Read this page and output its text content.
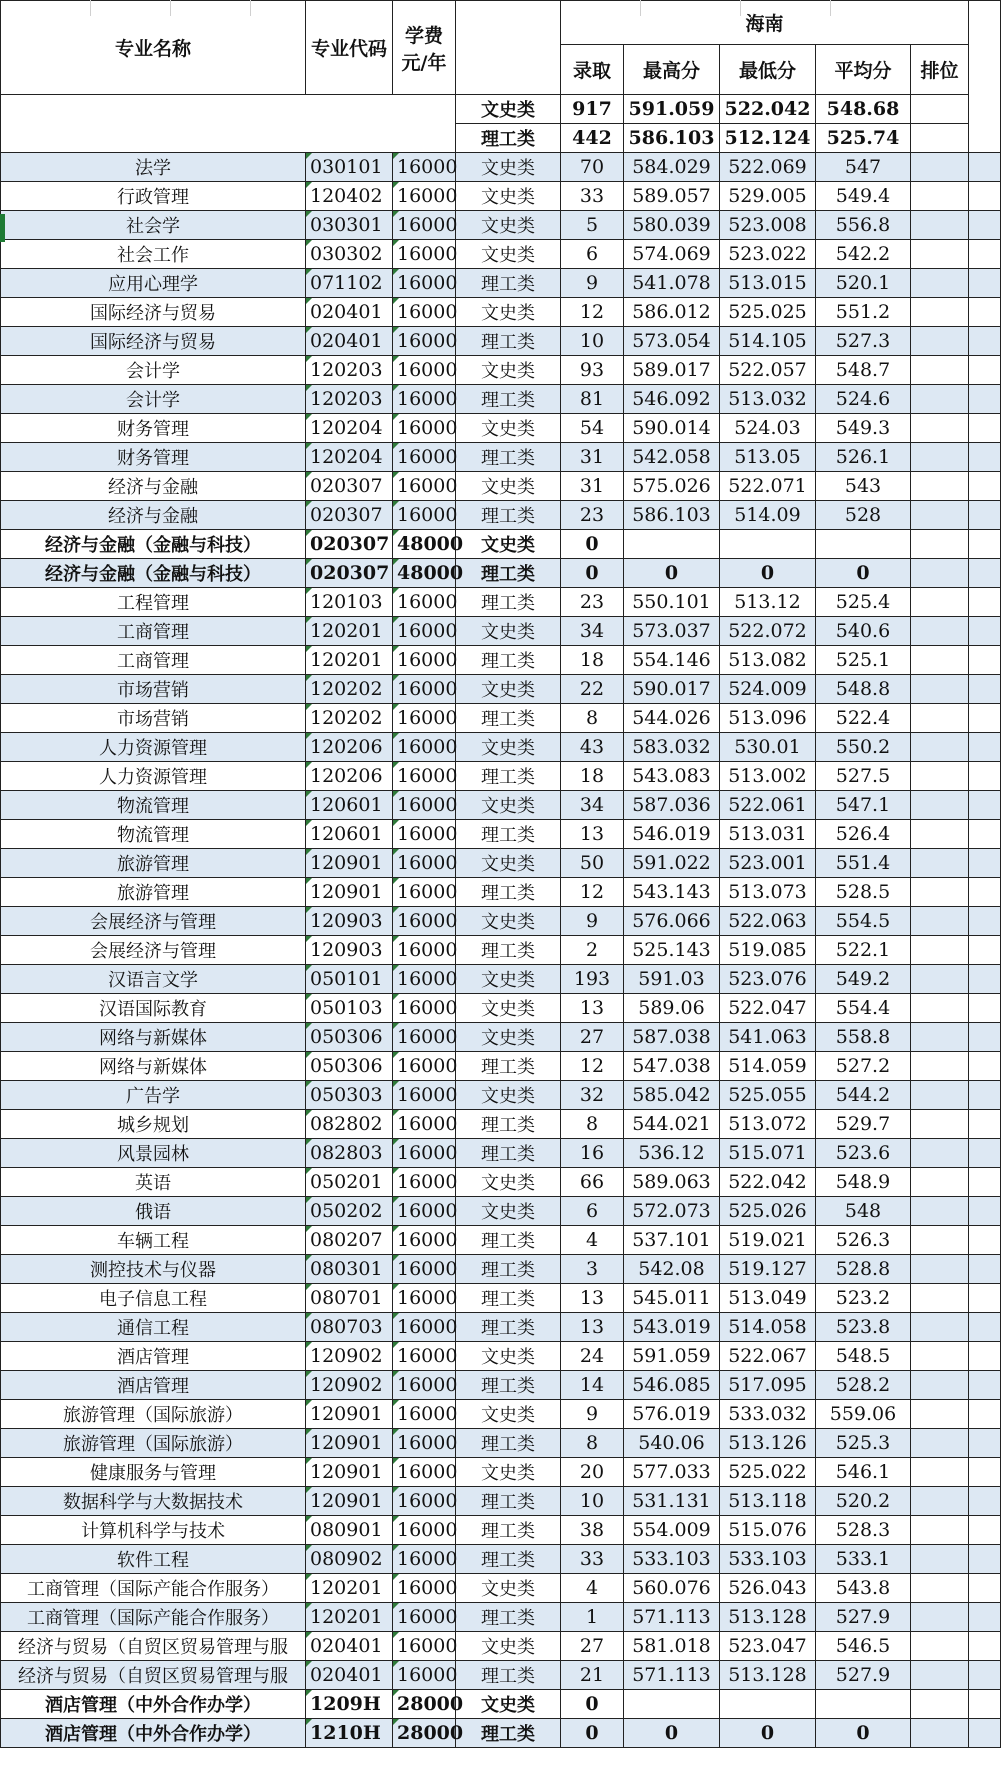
专业名称	专业代码	学费
元/年		海南					
				录取	最高分	最低分	平均分	排位	
			文史类	917	591.059	522.042	548.68		
			理工类	442	586.103	512.124	525.74		
法学	030101	16000	文史类	70	584.029	522.069	547		
行政管理	120402	16000	文史类	33	589.057	529.005	549.4		
社会学	030301	16000	文史类	5	580.039	523.008	556.8		
社会工作	030302	16000	文史类	6	574.069	523.022	542.2		
应用心理学	071102	16000	理工类	9	541.078	513.015	520.1		
国际经济与贸易	020401	16000	文史类	12	586.012	525.025	551.2		
国际经济与贸易	020401	16000	理工类	10	573.054	514.105	527.3		
会计学	120203	16000	文史类	93	589.017	522.057	548.7		
会计学	120203	16000	理工类	81	546.092	513.032	524.6		
财务管理	120204	16000	文史类	54	590.014	524.03	549.3		
财务管理	120204	16000	理工类	31	542.058	513.05	526.1		
经济与金融	020307	16000	文史类	31	575.026	522.071	543		
经济与金融	020307	16000	理工类	23	586.103	514.09	528		
经济与金融（金融与科技）	020307	48000	文史类	0					
经济与金融（金融与科技）	020307	48000	理工类	0	0	0	0		
工程管理	120103	16000	理工类	23	550.101	513.12	525.4		
工商管理	120201	16000	文史类	34	573.037	522.072	540.6		
工商管理	120201	16000	理工类	18	554.146	513.082	525.1		
市场营销	120202	16000	文史类	22	590.017	524.009	548.8		
市场营销	120202	16000	理工类	8	544.026	513.096	522.4		
人力资源管理	120206	16000	文史类	43	583.032	530.01	550.2		
人力资源管理	120206	16000	理工类	18	543.083	513.002	527.5		
物流管理	120601	16000	文史类	34	587.036	522.061	547.1		
物流管理	120601	16000	理工类	13	546.019	513.031	526.4		
旅游管理	120901	16000	文史类	50	591.022	523.001	551.4		
旅游管理	120901	16000	理工类	12	543.143	513.073	528.5		
会展经济与管理	120903	16000	文史类	9	576.066	522.063	554.5		
会展经济与管理	120903	16000	理工类	2	525.143	519.085	522.1		
汉语言文学	050101	16000	文史类	193	591.03	523.076	549.2		
汉语国际教育	050103	16000	文史类	13	589.06	522.047	554.4		
网络与新媒体	050306	16000	文史类	27	587.038	541.063	558.8		
网络与新媒体	050306	16000	理工类	12	547.038	514.059	527.2		
广告学	050303	16000	文史类	32	585.042	525.055	544.2		
城乡规划	082802	16000	理工类	8	544.021	513.072	529.7		
风景园林	082803	16000	理工类	16	536.12	515.071	523.6		
英语	050201	16000	文史类	66	589.063	522.042	548.9		
俄语	050202	16000	文史类	6	572.073	525.026	548		
车辆工程	080207	16000	理工类	4	537.101	519.021	526.3		
测控技术与仪器	080301	16000	理工类	3	542.08	519.127	528.8		
电子信息工程	080701	16000	理工类	13	545.011	513.049	523.2		
通信工程	080703	16000	理工类	13	543.019	514.058	523.8		
酒店管理	120902	16000	文史类	24	591.059	522.067	548.5		
酒店管理	120902	16000	理工类	14	546.085	517.095	528.2		
旅游管理（国际旅游）	120901	16000	文史类	9	576.019	533.032	559.06		
旅游管理（国际旅游）	120901	16000	理工类	8	540.06	513.126	525.3		
健康服务与管理	120901	16000	文史类	20	577.033	525.022	546.1		
数据科学与大数据技术	120901	16000	理工类	10	531.131	513.118	520.2		
计算机科学与技术	080901	16000	理工类	38	554.009	515.076	528.3		
软件工程	080902	16000	理工类	33	533.103	533.103	533.1		
工商管理（国际产能合作服务）	120201	16000	文史类	4	560.076	526.043	543.8		
工商管理（国际产能合作服务）	120201	16000	理工类	1	571.113	513.128	527.9		
经济与贸易（自贸区贸易管理与服	020401	16000	文史类	27	581.018	523.047	546.5		
经济与贸易（自贸区贸易管理与服	020401	16000	理工类	21	571.113	513.128	527.9		
酒店管理（中外合作办学）	1209H	28000	文史类	0					
酒店管理（中外合作办学）	1210H	28000	理工类	0	0	0	0		
